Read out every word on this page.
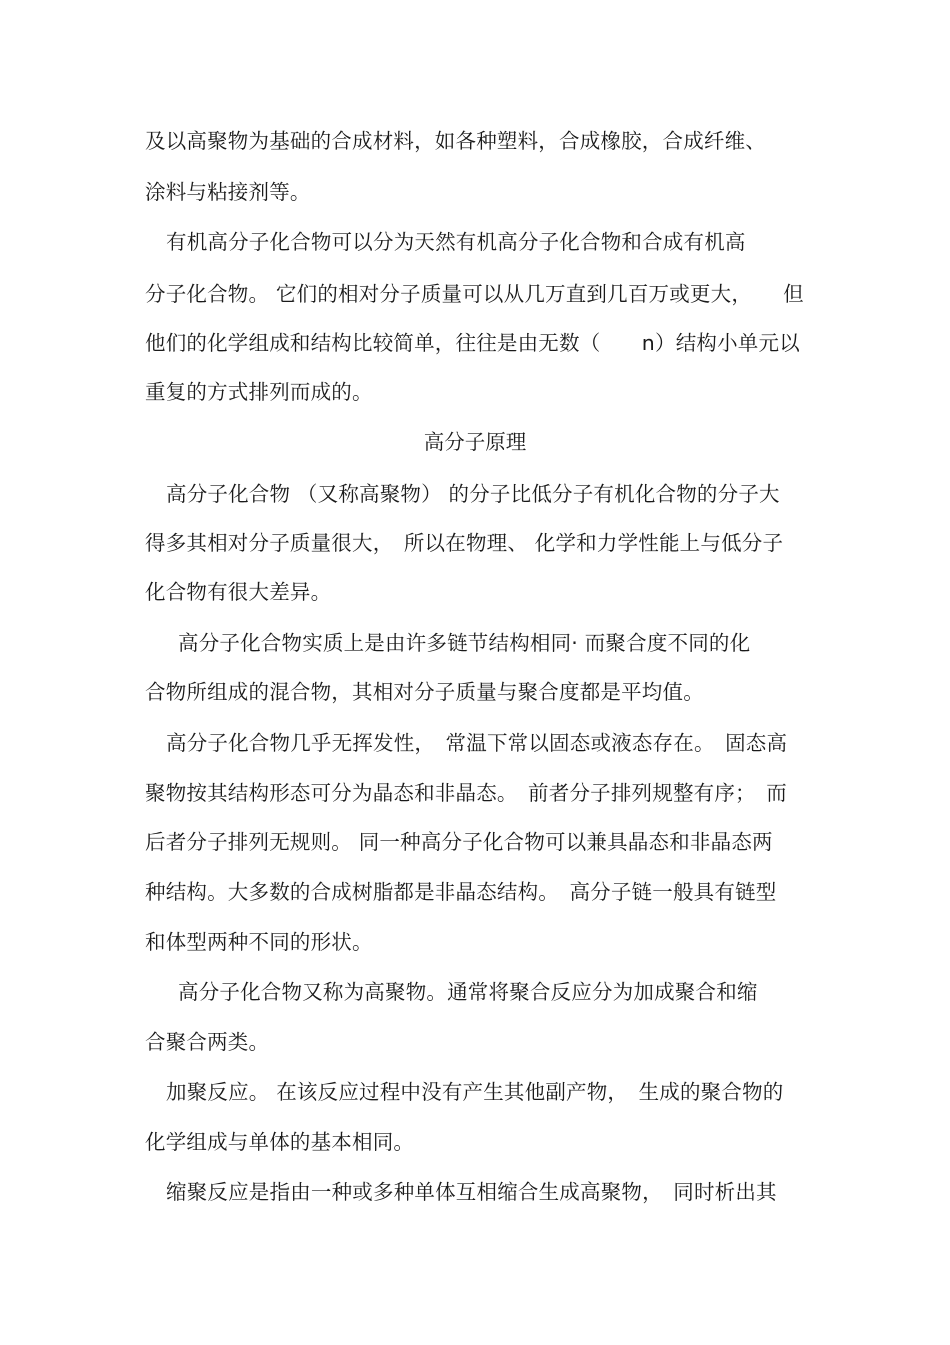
及以高聚物为基础的合成材料，如各种塑料，合成橡胶，合成纤维、
涂料与粘接剂等。
有机高分子化合物可以分为天然有机高分子化合物和合成有机高
分子化合物。 它们的相对分子质量可以从几万直到几百万或更大，　　但
他们的化学组成和结构比较简单，往往是由无数（　　n）结构小单元以
重复的方式排列而成的。
高分子原理
高分子化合物 （又称高聚物） 的分子比低分子有机化合物的分子大
得多其相对分子质量很大，　所以在物理、 化学和力学性能上与低分子
化合物有很大差异。
高分子化合物实质上是由许多链节结构相同· 而聚合度不同的化
合物所组成的混合物，其相对分子质量与聚合度都是平均值。
高分子化合物几乎无挥发性，　常温下常以固态或液态存在。　固态高
聚物按其结构形态可分为晶态和非晶态。　前者分子排列规整有序；　而
后者分子排列无规则。 同一种高分子化合物可以兼具晶态和非晶态两
种结构。大多数的合成树脂都是非晶态结构。　高分子链一般具有链型
和体型两种不同的形状。
高分子化合物又称为高聚物。通常将聚合反应分为加成聚合和缩
合聚合两类。
加聚反应。 在该反应过程中没有产生其他副产物，　生成的聚合物的
化学组成与单体的基本相同。
缩聚反应是指由一种或多种单体互相缩合生成高聚物，　同时析出其
